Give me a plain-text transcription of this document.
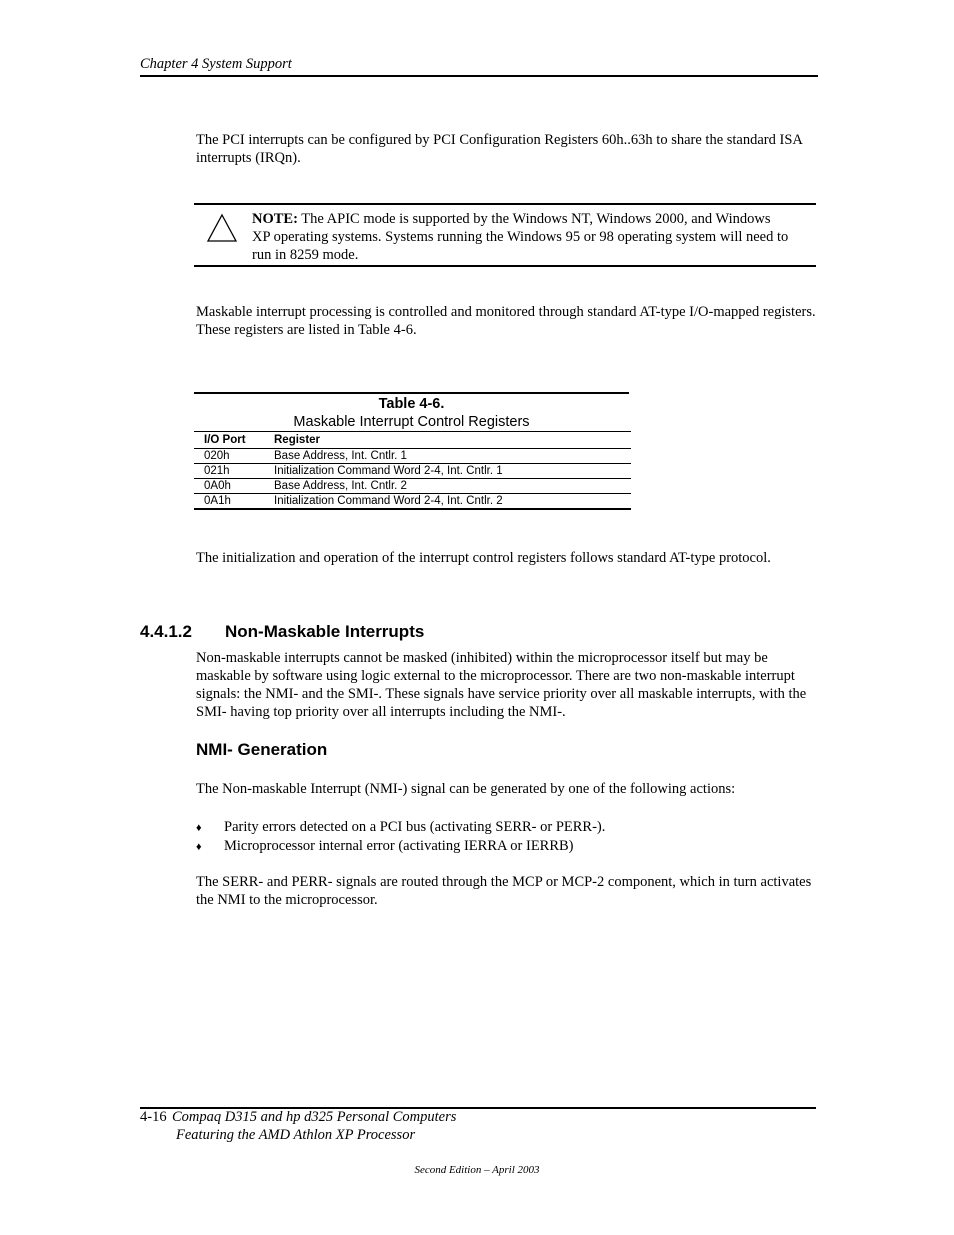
Chapter 4 System Support

The PCI interrupts can be configured by PCI Configuration Registers 60h..63h to share the standard ISA interrupts (IRQn).

NOTE: The APIC mode is supported by the Windows NT, Windows 2000, and Windows XP operating systems. Systems running the Windows 95 or 98 operating system will need to run in 8259 mode.

Maskable interrupt processing is controlled and monitored through standard AT-type I/O-mapped registers. These registers are listed in Table 4-6.

Table 4-6.
Maskable Interrupt Control Registers
I/O Port	Register
020h	Base Address, Int. Cntlr. 1
021h	Initialization Command Word 2-4, Int. Cntlr. 1
0A0h	Base Address, Int. Cntlr. 2
0A1h	Initialization Command Word 2-4, Int. Cntlr. 2

The initialization and operation of the interrupt control registers follows standard AT-type protocol.

4.4.1.2 Non-Maskable Interrupts

Non-maskable interrupts cannot be masked (inhibited) within the microprocessor itself but may be maskable by software using logic external to the microprocessor. There are two non-maskable interrupt signals: the NMI- and the SMI-. These signals have service priority over all maskable interrupts, with the SMI- having top priority over all interrupts including the NMI-.

NMI- Generation

The Non-maskable Interrupt (NMI-) signal can be generated by one of the following actions:

♦ Parity errors detected on a PCI bus (activating SERR- or PERR-).
♦ Microprocessor internal error (activating IERRA or IERRB)

The SERR- and PERR- signals are routed through the MCP or MCP-2 component, which in turn activates the NMI to the microprocessor.

4-16 Compaq D315 and hp d325 Personal Computers
Featuring the AMD Athlon XP Processor
Second Edition – April 2003
